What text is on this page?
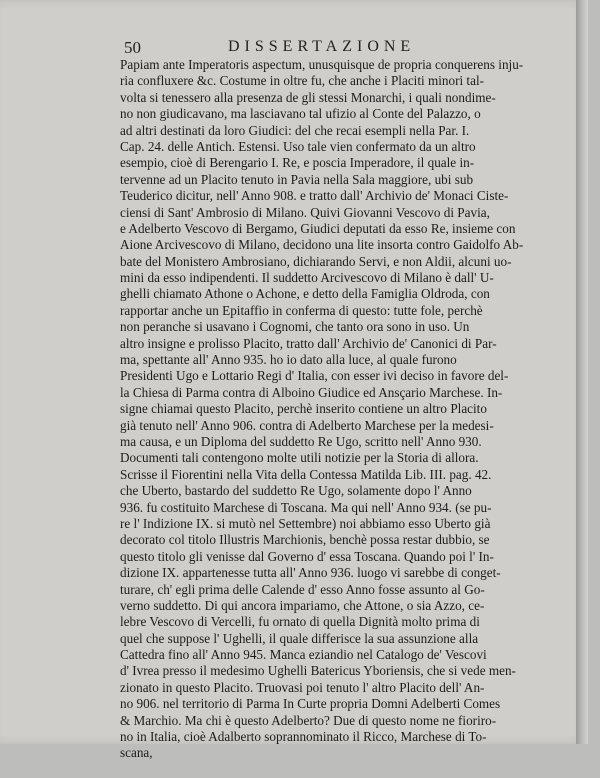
50	DISSERTAZIONE
Papiam ante Imperatoris aspectum, unusquisque de propria conquerens inju-
ria confluxere &c. Costume in oltre fu, che anche i Placiti minori tal-
volta si tenessero alla presenza de gli stessi Monarchi, i quali nondime-
no non giudicavano, ma lasciavano tal ufizio al Conte del Palazzo, o
ad altri destinati da loro Giudici: del che recai esempli nella Par. I.
Cap. 24. delle Antich. Estensi. Uso tale vien confermato da un altro
esempio, cioè di Berengario I. Re, e poscia Imperadore, il quale in-
tervenne ad un Placito tenuto in Pavia nella Sala maggiore, ubi sub
Teuderico dicitur, nell' Anno 908. e tratto dall' Archivio de' Monaci Ciste-
ciensi di Sant' Ambrosio di Milano. Quivi Giovanni Vescovo di Pavia,
e Adelberto Vescovo di Bergamo, Giudici deputati da esso Re, insieme con
Aione Arcivescovo di Milano, decidono una lite insorta contro Gaidolfo Ab-
bate del Monistero Ambrosiano, dichiarando Servi, e non Aldii, alcuni uo-
mini da esso indipendenti. Il suddetto Arcivescovo di Milano è dall' U-
ghelli chiamato Athone o Achone, e detto della Famiglia Oldroda, con
rapportar anche un Epitaffio in conferma di questo: tutte fole, perchè
non peranche si usavano i Cognomi, che tanto ora sono in uso. Un
altro insigne e prolisso Placito, tratto dall' Archivio de' Canonici di Par-
ma, spettante all' Anno 935. ho io dato alla luce, al quale furono
Presidenti Ugo e Lottario Regi d' Italia, con esser ivi deciso in favore del-
la Chiesa di Parma contra di Alboino Giudice ed Ansçario Marchese. In-
signe chiamai questo Placito, perchè inserito contiene un altro Placito
già tenuto nell' Anno 906. contra di Adelberto Marchese per la medesi-
ma causa, e un Diploma del suddetto Re Ugo, scritto nell' Anno 930.
Documenti tali contengono molte utili notizie per la Storia di allora.
Scrisse il Fiorentini nella Vita della Contessa Matilda Lib. III. pag. 42.
che Uberto, bastardo del suddetto Re Ugo, solamente dopo l' Anno
936. fu costituito Marchese di Toscana. Ma qui nell' Anno 934. (se pu-
re l' Indizione IX. si mutò nel Settembre) noi abbiamo esso Uberto già
decorato col titolo Illustris Marchionis, benchè possa restar dubbio, se
questo titolo gli venisse dal Governo d' essa Toscana. Quando poi l' In-
dizione IX. appartenesse tutta all' Anno 936. luogo vi sarebbe di conget-
turare, ch' egli prima delle Calende d' esso Anno fosse assunto al Go-
verno suddetto. Di qui ancora impariamo, che Attone, o sia Azzo, ce-
lebre Vescovo di Vercelli, fu ornato di quella Dignità molto prima di
quel che suppose l' Ughelli, il quale differisce la sua assunzione alla
Cattedra fino all' Anno 945. Manca eziandio nel Catalogo de' Vescovi
d' Ivrea presso il medesimo Ughelli Batericus Yboriensis, che si vede men-
zionato in questo Placito. Truovasi poi tenuto l' altro Placito dell' An-
no 906. nel territorio di Parma In Curte propria Domni Adelberti Comes
& Marchio. Ma chi è questo Adelberto? Due di questo nome ne fioriro-
no in Italia, cioè Adalberto soprannominato il Ricco, Marchese di To-
scana,
